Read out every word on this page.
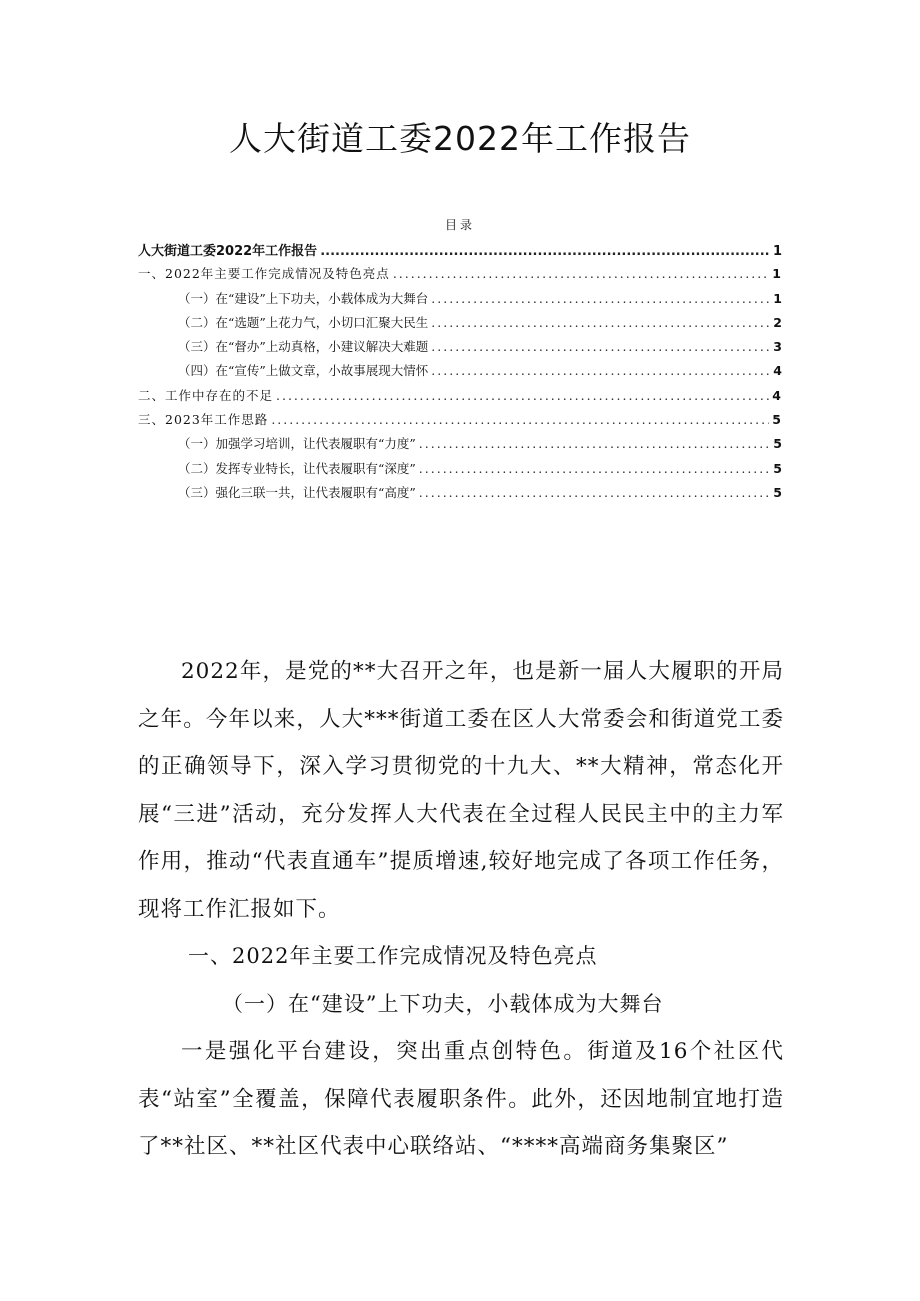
人大街道工委2022年工作报告
目录
人大街道工委2022年工作报告 .....	1
一、2022年主要工作完成情况及特色亮点 .....	1
（一）在“建设”上下功夫，小载体成为大舞台 .....	1
（二）在“选题”上花力气，小切口汇聚大民生 .....	2
（三）在“督办”上动真格，小建议解决大难题 .....	3
（四）在“宣传”上做文章，小故事展现大情怀 .....	4
二、工作中存在的不足 .....	4
三、2023年工作思路 .....	5
（一）加强学习培训，让代表履职有“力度” .....	5
（二）发挥专业特长，让代表履职有“深度” .....	5
（三）强化三联一共，让代表履职有“高度” .....	5

2022年，是党的**大召开之年，也是新一届人大履职的开局之年。今年以来，人大***街道工委在区人大常委会和街道党工委的正确领导下，深入学习贯彻党的十九大、**大精神，常态化开展“三进”活动，充分发挥人大代表在全过程人民民主中的主力军作用，推动“代表直通车”提质增速,较好地完成了各项工作任务，现将工作汇报如下。

一、2022年主要工作完成情况及特色亮点

（一）在“建设”上下功夫，小载体成为大舞台

一是强化平台建设，突出重点创特色。街道及16个社区代表“站室”全覆盖，保障代表履职条件。此外，还因地制宜地打造了**社区、**社区代表中心联络站、“****高端商务集聚区”
